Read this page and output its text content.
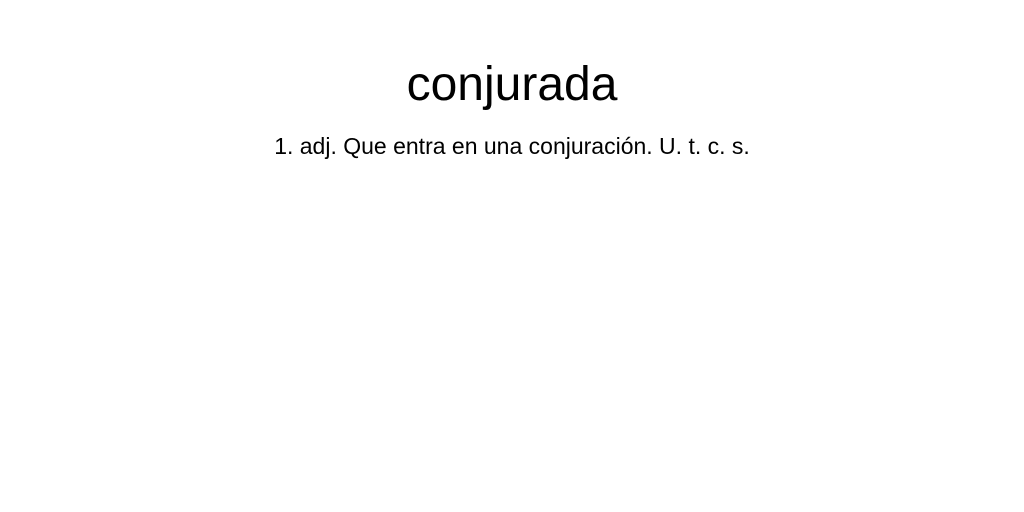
conjurada

1. adj. Que entra en una conjuración. U. t. c. s.
